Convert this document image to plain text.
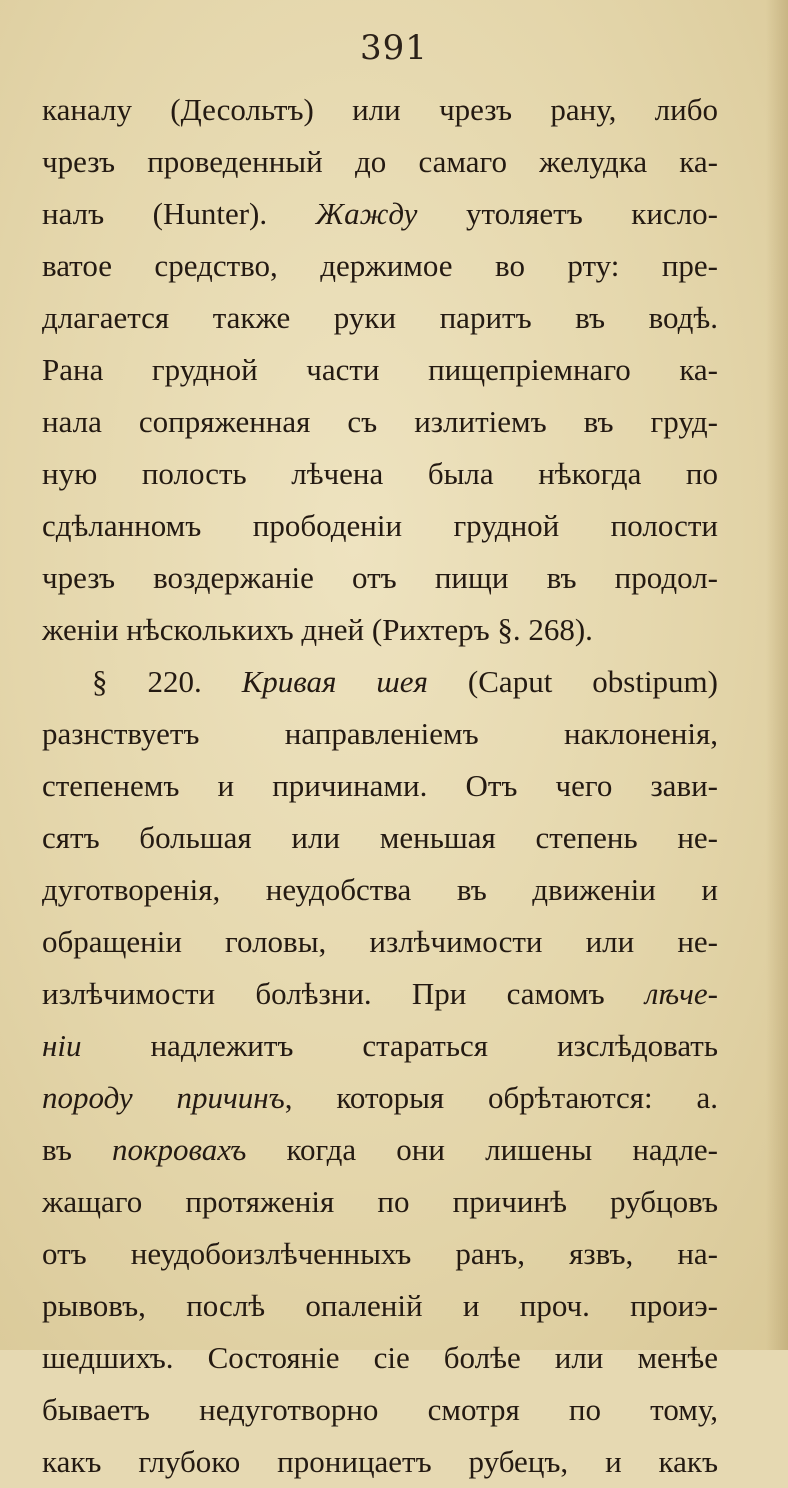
391
каналу (Десольтъ) или чрезъ рану, либо
чрезъ проведенный до самаго желудка ка-
налъ (Hunter). Жажду утоляетъ кисло-
ватое средство, держимое во рту: пре-
длагается также руки паритъ въ водѣ.
Рана грудной части пищепріемнаго ка-
нала сопряженная съ излитіемъ въ груд-
ную полость лѣчена была нѣкогда по
сдѣланномъ прободеніи грудной полости
чрезъ воздержаніе отъ пищи въ продол-
женіи нѣсколькихъ дней (Рихтеръ §. 268).
§ 220. Кривая шея (Caput obstipum)
разнствуетъ направленіемъ наклоненія,
степенемъ и причинами. Отъ чего зави-
сятъ большая или меньшая степень не-
дуготворенія, неудобства въ движеніи и
обращеніи головы, излѣчимости или не-
излѣчимости болѣзни. При самомъ лѣче-
ніи надлежитъ стараться изслѣдовать
породу причинъ, которыя обрѣтаются: а.
въ покровахъ когда они лишены надле-
жащаго протяженія по причинѣ рубцовъ
отъ неудобоизлѣченныхъ ранъ, язвъ, на-
рывовъ, послѣ опаленій и проч. проиэ-
шедшихъ. Состояніе сіе болѣе или менѣе
бываетъ недуготворно смотря по тому,
какъ глубоко проницаетъ рубецъ, и какъ
